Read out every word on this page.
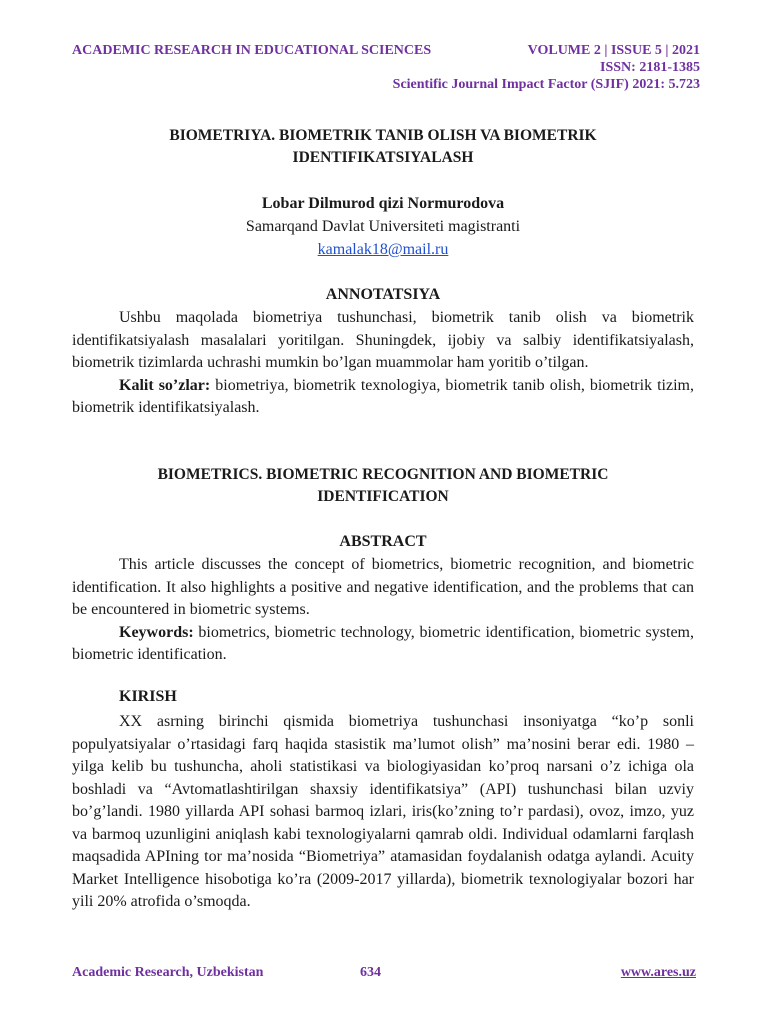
ACADEMIC RESEARCH IN EDUCATIONAL SCIENCES	VOLUME 2 | ISSUE 5 | 2021
ISSN: 2181-1385
Scientific Journal Impact Factor (SJIF) 2021: 5.723
BIOMETRIYA. BIOMETRIK TANIB OLISH VA BIOMETRIK
IDENTIFIKATSIYALASH
Lobar Dilmurod qizi Normurodova
Samarqand Davlat Universiteti magistranti
kamalak18@mail.ru
ANNOTATSIYA

Ushbu maqolada biometriya tushunchasi, biometrik tanib olish va biometrik identifikatsiyalash masalalari yoritilgan. Shuningdek, ijobiy va salbiy identifikatsiyalash, biometrik tizimlarda uchrashi mumkin bo’lgan muammolar ham yoritib o’tilgan.

Kalit so’zlar: biometriya, biometrik texnologiya, biometrik tanib olish, biometrik tizim, biometrik identifikatsiyalash.

BIOMETRICS. BIOMETRIC RECOGNITION AND BIOMETRIC
IDENTIFICATION
ABSTRACT

This article discusses the concept of biometrics, biometric recognition, and biometric identification. It also highlights a positive and negative identification, and the problems that can be encountered in biometric systems.

Keywords: biometrics, biometric technology, biometric identification, biometric system, biometric identification.

KIRISH

XX asrning birinchi qismida biometriya tushunchasi insoniyatga “ko’p sonli populyatsiyalar o’rtasidagi farq haqida stasistik ma’lumot olish” ma’nosini berar edi. 1980 –yilga kelib bu tushuncha, aholi statistikasi va biologiyasidan ko’proq narsani o’z ichiga ola boshladi va “Avtomatlashtirilgan shaxsiy identifikatsiya” (API) tushunchasi bilan uzviy bo’g’landi. 1980 yillarda API sohasi barmoq izlari, iris(ko’zning to’r pardasi), ovoz, imzo, yuz va barmoq uzunligini aniqlash kabi texnologiyalarni qamrab oldi. Individual odamlarni farqlash maqsadida APIning tor ma’nosida “Biometriya” atamasidan foydalanish odatga aylandi. Acuity Market Intelligence hisobotiga ko’ra (2009-2017 yillarda), biometrik texnologiyalar bozori har yili 20% atrofida o’smoqda.

Academic Research, Uzbekistan	634	www.ares.uz
